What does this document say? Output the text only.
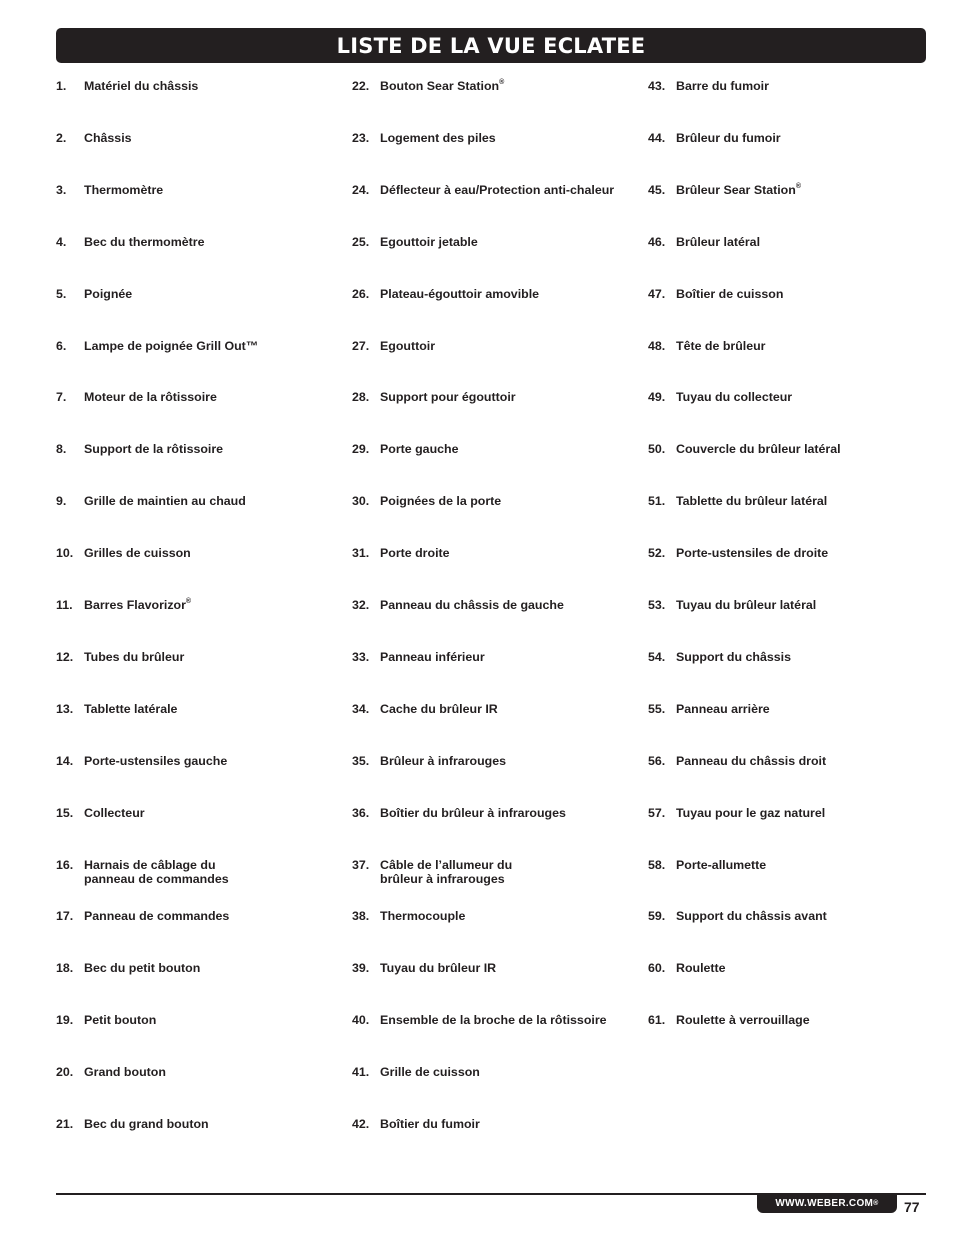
LISTE DE LA VUE ECLATEE
1.	Matériel du châssis
2.	Châssis
3.	Thermomètre
4.	Bec du thermomètre
5.	Poignée
6.	Lampe de poignée Grill Out™
7.	Moteur de la rôtissoire
8.	Support de la rôtissoire
9.	Grille de maintien au chaud
10. Grilles de cuisson
11. Barres Flavorizor®
12. Tubes du brûleur
13. Tablette latérale
14. Porte-ustensiles gauche
15. Collecteur
16. Harnais de câblage du
panneau de commandes
17. Panneau de commandes
18. Bec du petit bouton
19. Petit bouton
20. Grand bouton
21. Bec du grand bouton
22. Bouton Sear Station®
23. Logement des piles
24. Déflecteur à eau/Protection anti-chaleur
25. Egouttoir jetable
26. Plateau-égouttoir amovible
27. Egouttoir
28. Support pour égouttoir
29. Porte gauche
30. Poignées de la porte
31. Porte droite
32. Panneau du châssis de gauche
33. Panneau inférieur
34. Cache du brûleur IR
35. Brûleur à infrarouges
36. Boîtier du brûleur à infrarouges
37. Câble de l’allumeur du
brûleur à infrarouges
38. Thermocouple
39. Tuyau du brûleur IR
40. Ensemble de la broche de la rôtissoire
41. Grille de cuisson
42. Boîtier du fumoir
43. Barre du fumoir
44. Brûleur du fumoir
45. Brûleur Sear Station®
46. Brûleur latéral
47. Boîtier de cuisson
48. Tête de brûleur
49. Tuyau du collecteur
50. Couvercle du brûleur latéral
51. Tablette du brûleur latéral
52. Porte-ustensiles de droite
53. Tuyau du brûleur latéral
54. Support du châssis
55. Panneau arrière
56. Panneau du châssis droit
57. Tuyau pour le gaz naturel
58. Porte-allumette
59. Support du châssis avant
60. Roulette
61. Roulette à verrouillage
WWW.WEBER.COM ® 77
